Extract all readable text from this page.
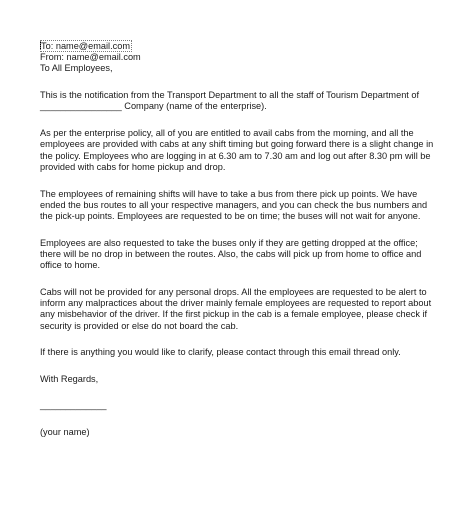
To: name@email.com
From: name@email.com
To All Employees,

This is the notification from the Transport Department to all the staff of Tourism Department of ________________ Company (name of the enterprise).

As per the enterprise policy, all of you are entitled to avail cabs from the morning, and all the employees are provided with cabs at any shift timing but going forward there is a slight change in the policy. Employees who are logging in at 6.30 am to 7.30 am and log out after 8.30 pm will be provided with cabs for home pickup and drop.

The employees of remaining shifts will have to take a bus from there pick up points. We have ended the bus routes to all your respective managers, and you can check the bus numbers and the pick-up points. Employees are requested to be on time; the buses will not wait for anyone.

Employees are also requested to take the buses only if they are getting dropped at the office; there will be no drop in between the routes. Also, the cabs will pick up from home to office and office to home.

Cabs will not be provided for any personal drops. All the employees are requested to be alert to inform any malpractices about the driver mainly female employees are requested to report about any misbehavior of the driver. If the first pickup in the cab is a female employee, please check if security is provided or else do not board the cab.

If there is anything you would like to clarify, please contact through this email thread only.

With Regards,
_____________
(your name)
